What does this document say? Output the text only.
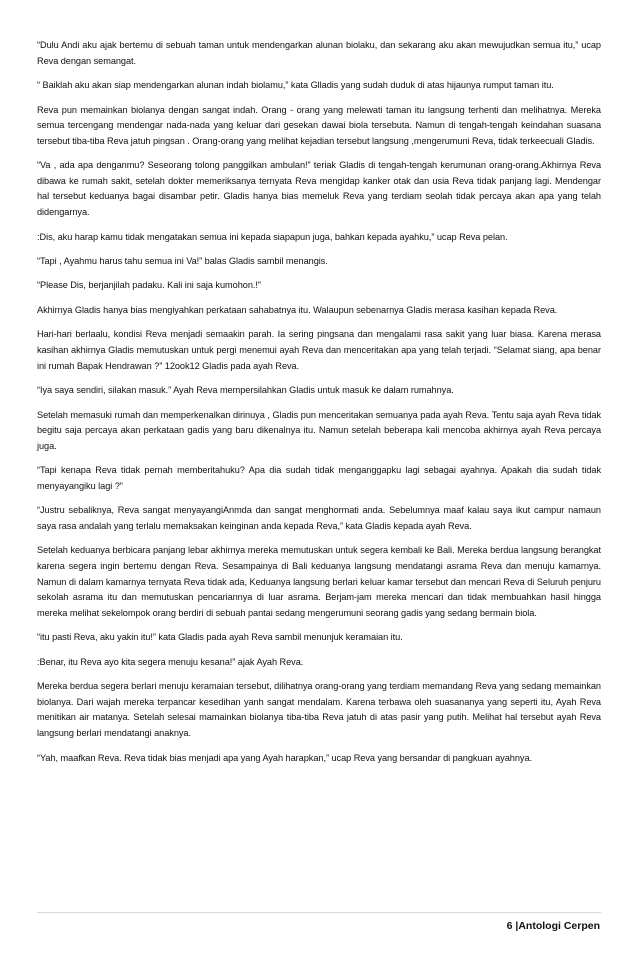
“Dulu Andi aku ajak bertemu di sebuah taman untuk mendengarkan alunan biolaku, dan sekarang aku akan mewujudkan semua itu,” ucap Reva dengan semangat.

“ Baiklah aku akan siap mendengarkan alunan indah biolamu,” kata Glladis yang sudah duduk di atas hijaunya rumput taman itu.

Reva pun memainkan biolanya dengan sangat indah. Orang - orang yang melewati taman itu langsung terhenti dan melihatnya. Mereka semua tercengang mendengar nada-nada yang keluar dari gesekan dawai biola tersebuta. Namun di tengah-tengah keindahan suasana tersebut tiba-tiba Reva jatuh pingsan . Orang-orang yang melihat kejadian tersebut langsung ,mengerumuni Reva, tidak terkeecuali Gladis.

“Va , ada apa denganmu? Seseorang tolong panggilkan ambulan!” teriak Gladis di tengah-tengah kerumunan orang-orang.Akhirnya Reva dibawa ke rumah sakit, setelah dokter memeriksanya ternyata Reva mengidap kanker otak dan usia Reva tidak panjang lagi. Mendengar hal tersebut keduanya bagai disambar petir. Gladis hanya bias memeluk Reva yang terdiam seolah tidak percaya akan apa yang telah didengarnya.

:Dis, aku harap kamu tidak mengatakan semua ini kepada siapapun juga, bahkan kepada ayahku,” ucap Reva pelan.

“Tapi , Ayahmu harus tahu semua ini Va!” balas Gladis sambil menangis.

“Please Dis, berjanjilah padaku. Kali ini saja kumohon.!”

Akhirnya Gladis hanya bias mengiyahkan perkataan sahabatnya itu. Walaupun sebenarnya Gladis merasa kasihan kepada Reva.

Hari-hari berlaalu, kondisi Reva menjadi semaakin parah. Ia sering pingsana dan mengalami rasa sakit yang luar biasa. Karena merasa kasihan akhirnya Gladis memutuskan untuk pergi menemui ayah Reva dan menceritakan apa yang telah terjadi. “Selamat siang, apa benar ini rumah Bapak Hendrawan ?” 12ook12 Gladis pada ayah Reva.

“Iya saya sendiri, silakan masuk.” Ayah Reva mempersilahkan Gladis untuk masuk ke dalam rumahnya.

Setelah memasuki rumah dan memperkenalkan dirinuya , Gladis pun menceritakan semuanya pada ayah Reva. Tentu saja ayah Reva tidak begitu saja percaya akan perkataan gadis yang baru dikenalnya itu. Namun setelah beberapa kali mencoba akhirnya ayah Reva percaya juga.

“Tapi kenapa Reva tidak pernah memberitahuku? Apa dia sudah tidak menganggapku lagi sebagai ayahnya. Apakah dia sudah tidak menyayangiku lagi ?”

“Justru sebaliknya, Reva sangat menyayangiAnmda dan sangat menghormati anda. Sebelumnya maaf kalau saya ikut campur namaun saya rasa andalah yang terlalu memaksakan keinginan anda kepada Reva,” kata Gladis kepada ayah Reva.

Setelah keduanya berbicara panjang lebar akhirnya mereka memutuskan untuk segera kembali ke Bali. Mereka berdua langsung berangkat karena segera ingin bertemu dengan Reva. Sesampainya di Bali keduanya langsung mendatangi asrama Reva dan menuju kamarnya. Namun di dalam kamarnya ternyata Reva tidak ada, Keduanya langsung berlari keluar kamar tersebut dan mencari Reva di Seluruh penjuru sekolah asrama itu dan memutuskan pencariannya di luar asrama. Berjam-jam mereka mencari dan tidak membuahkan hasil hingga mereka melihat sekelompok orang berdiri di sebuah pantai sedang mengerumuni seorang gadis yang sedang bermain biola.

“itu pasti Reva, aku yakin itu!” kata Gladis pada ayah Reva sambil menunjuk keramaian itu.

:Benar, itu Reva ayo kita segera menuju kesana!” ajak Ayah Reva.

Mereka berdua segera berlari menuju keramaian tersebut, dilihatnya orang-orang yang terdiam memandang Reva yang sedang memainkan biolanya. Dari wajah mereka terpancar kesedihan yanh sangat mendalam. Karena terbawa oleh suasananya yang seperti itu, Ayah Reva menitikan air matanya. Setelah selesai mamainkan biolanya tiba-tiba Reva jatuh di atas pasir yang putih. Melihat hal tersebut ayah Reva langsung berlari mendatangi anaknya.

“Yah, maafkan Reva. Reva tidak bias menjadi apa yang Ayah harapkan,” ucap Reva yang bersandar di pangkuan ayahnya.

6 |Antologi Cerpen
